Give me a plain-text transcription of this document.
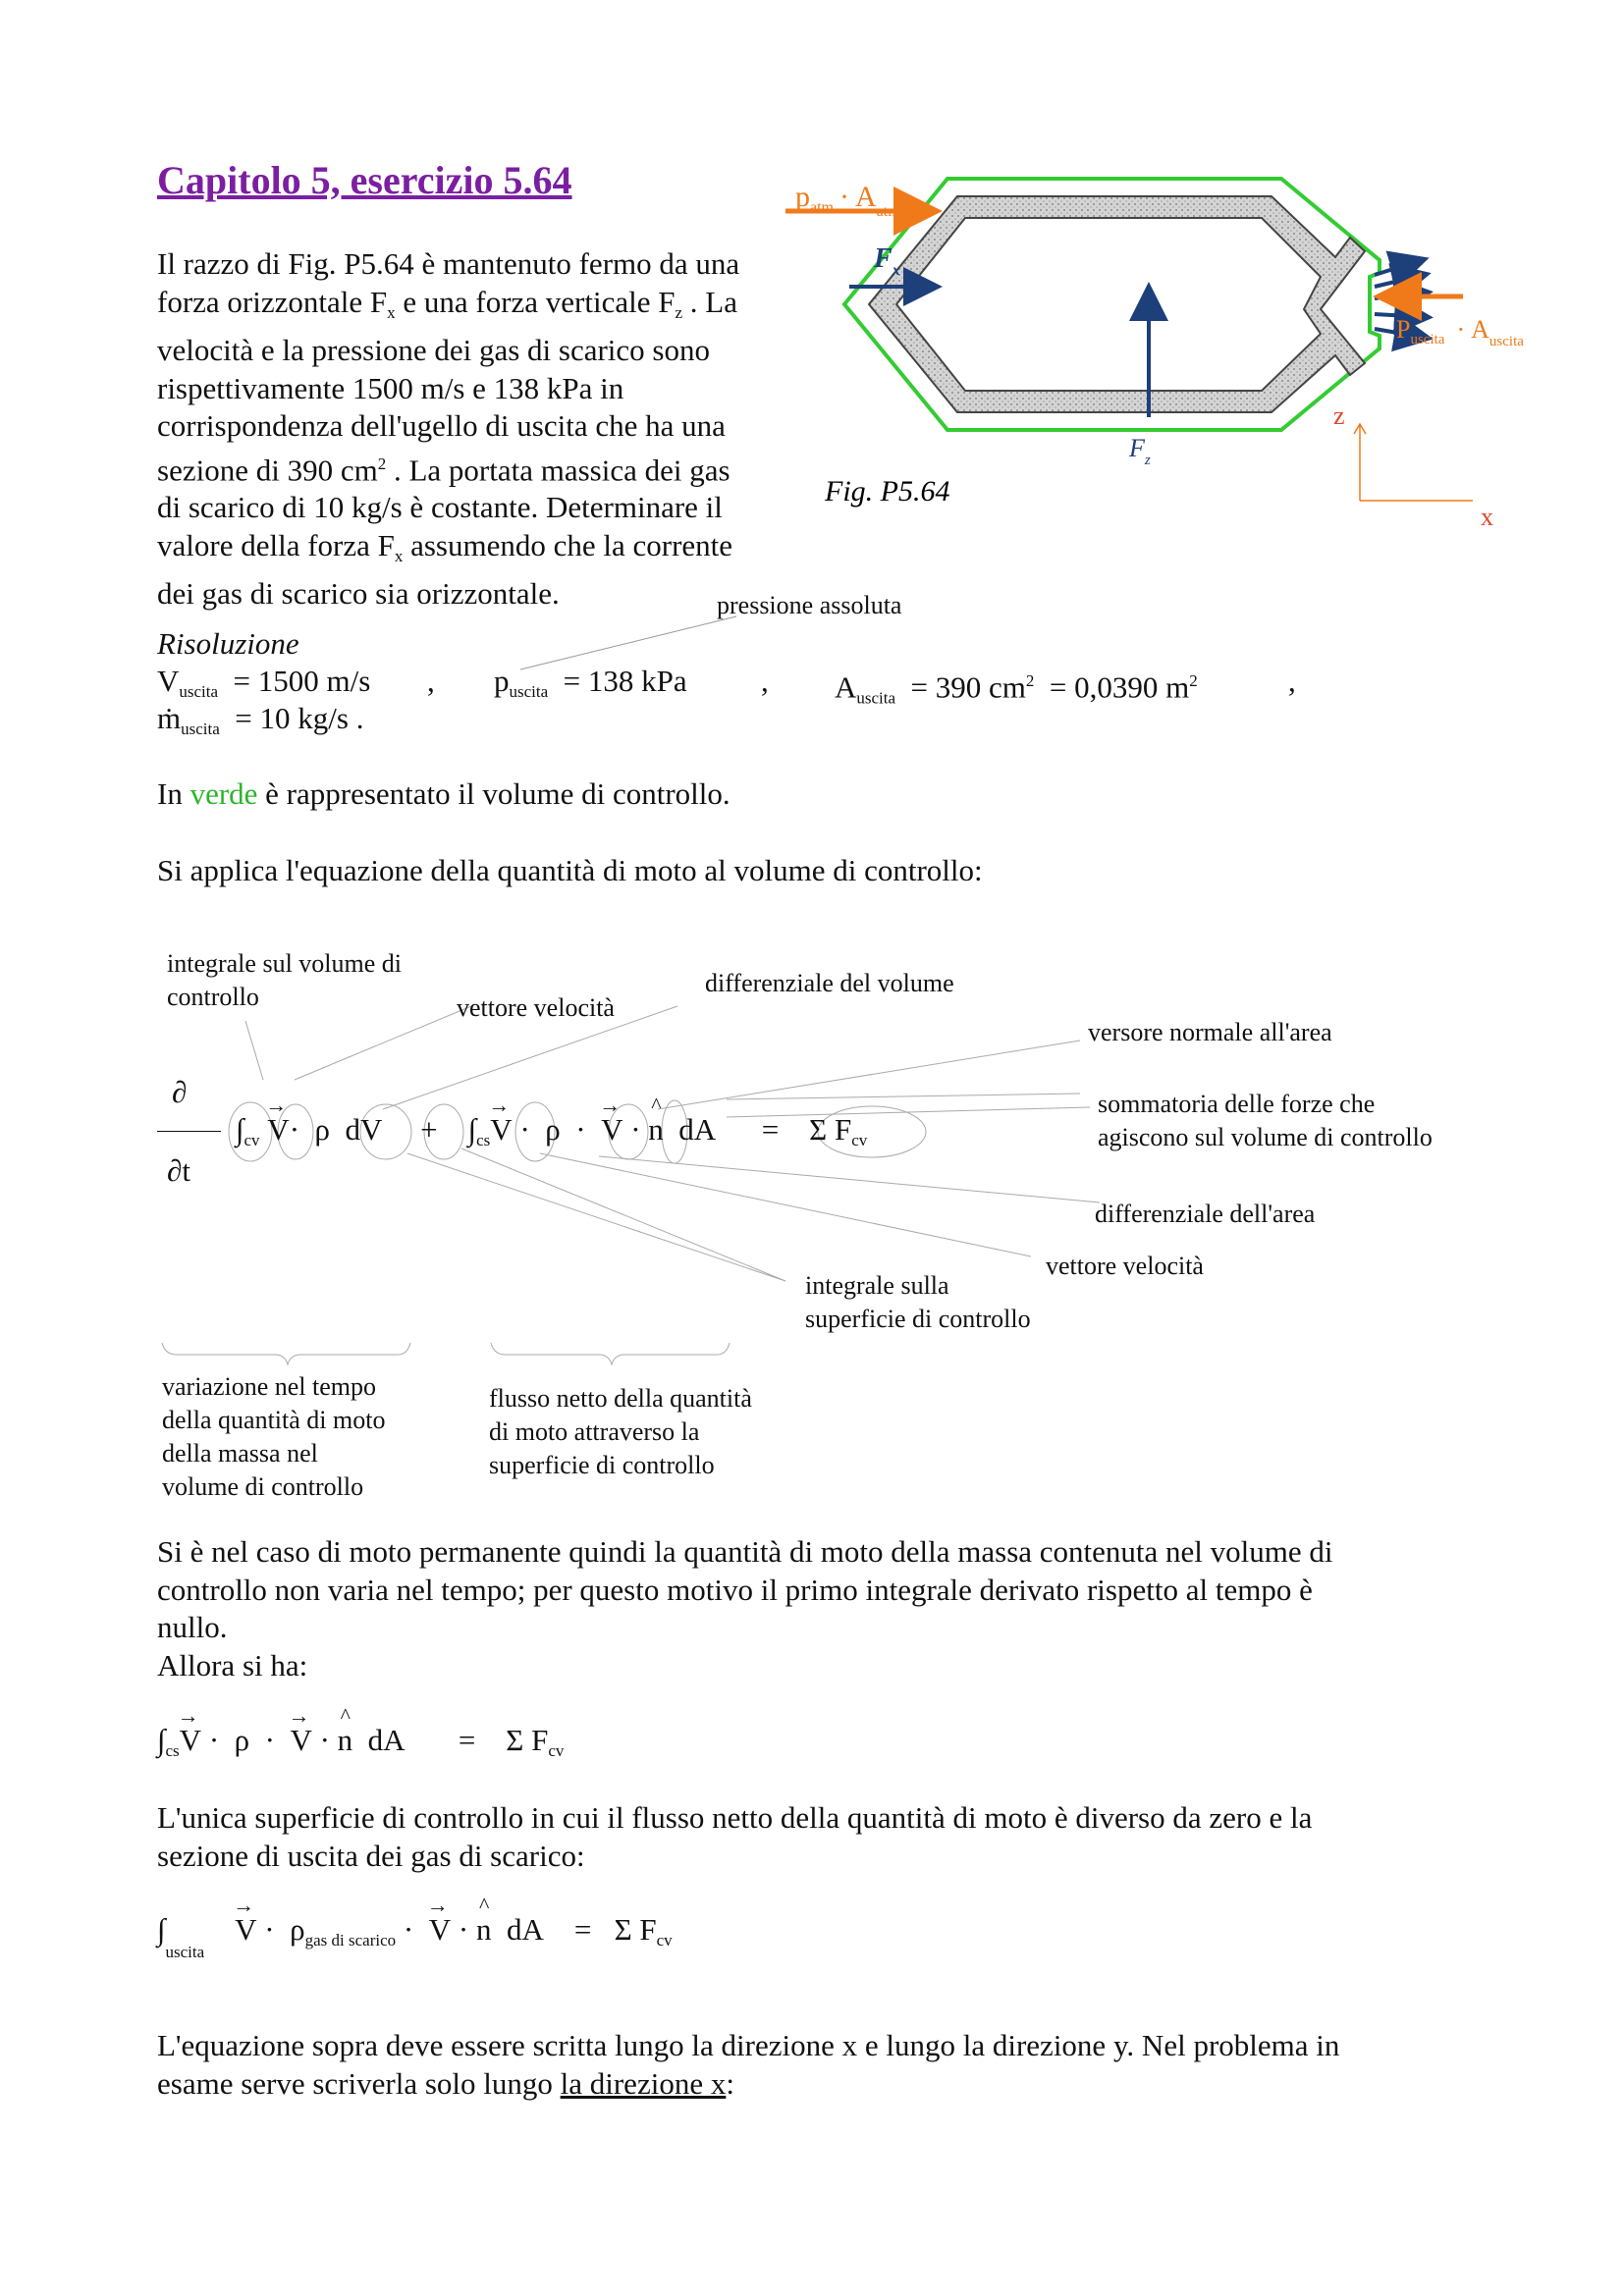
Capitolo 5, esercizio 5.64
Il razzo di Fig. P5.64 è mantenuto fermo da una
forza orizzontale $F_x$ e una forza verticale $F_z$ . La
velocità e la pressione dei gas di scarico sono
rispettivamente 1500 m/s e 138 kPa in
corrispondenza dell'ugello di uscita che ha una
sezione di 390 $cm^2$ . La portata massica dei gas
di scarico di 10 kg/s è costante. Determinare il
valore della forza $F_x$ assumendo che la corrente
dei gas di scarico sia orizzontale.
$p_{atm} \cdot A_{atm}$
$F_x$
$F_z$
$P_{uscita} \cdot A_{uscita}$
Fig. P5.64
z
x
pressione assoluta
Risoluzione
$V_{uscita} = 1500$ m/s , $p_{uscita} = 138$ kPa , $A_{uscita} = 390$ $cm^2 = 0,0390$ $m^2$	,
ṁ$_{uscita}$ = 10 kg/s .
In verde è rappresentato il volume di controllo.
Si applica l'equazione della quantità di moto al volume di controllo:
integrale sul volume di
controllo	vettore velocità
differenziale del volume
versore normale all'area
sommatoria delle forze che
agiscono sul volume di controllo
differenziale dell'area
vettore velocità
integrale sulla
superficie di controllo
∂
∂t
$\int_{cv} \to V\cdot \rho$ dV + $\int_{cs}\to V \cdot \rho$ · → V · ^ n dA = Σ $F_{cv}$
variazione nel tempo
della quantità di moto
della massa nel
volume di controllo
flusso netto della quantità
di moto attraverso la
superficie di controllo
Si è nel caso di moto permanente quindi la quantità di moto della massa contenuta nel volume di
controllo non varia nel tempo; per questo motivo il primo integrale derivato rispetto al tempo è
nullo.
Allora si ha:
$\int_{cs}\to V \cdot \rho$ · → V · ^ n dA = Σ $F_{cv}$
L'unica superficie di controllo in cui il flusso netto della quantità di moto è diverso da zero e la
sezione di uscita dei gas di scarico:
$\int_{uscita}$    → $V \cdot \rho_{gas di scarico}$ · → V · ^ n dA = Σ $F_{cv}$
L'equazione sopra deve essere scritta lungo la direzione x e lungo la direzione y. Nel problema in
esame serve scriverla solo lungo la direzione x:
